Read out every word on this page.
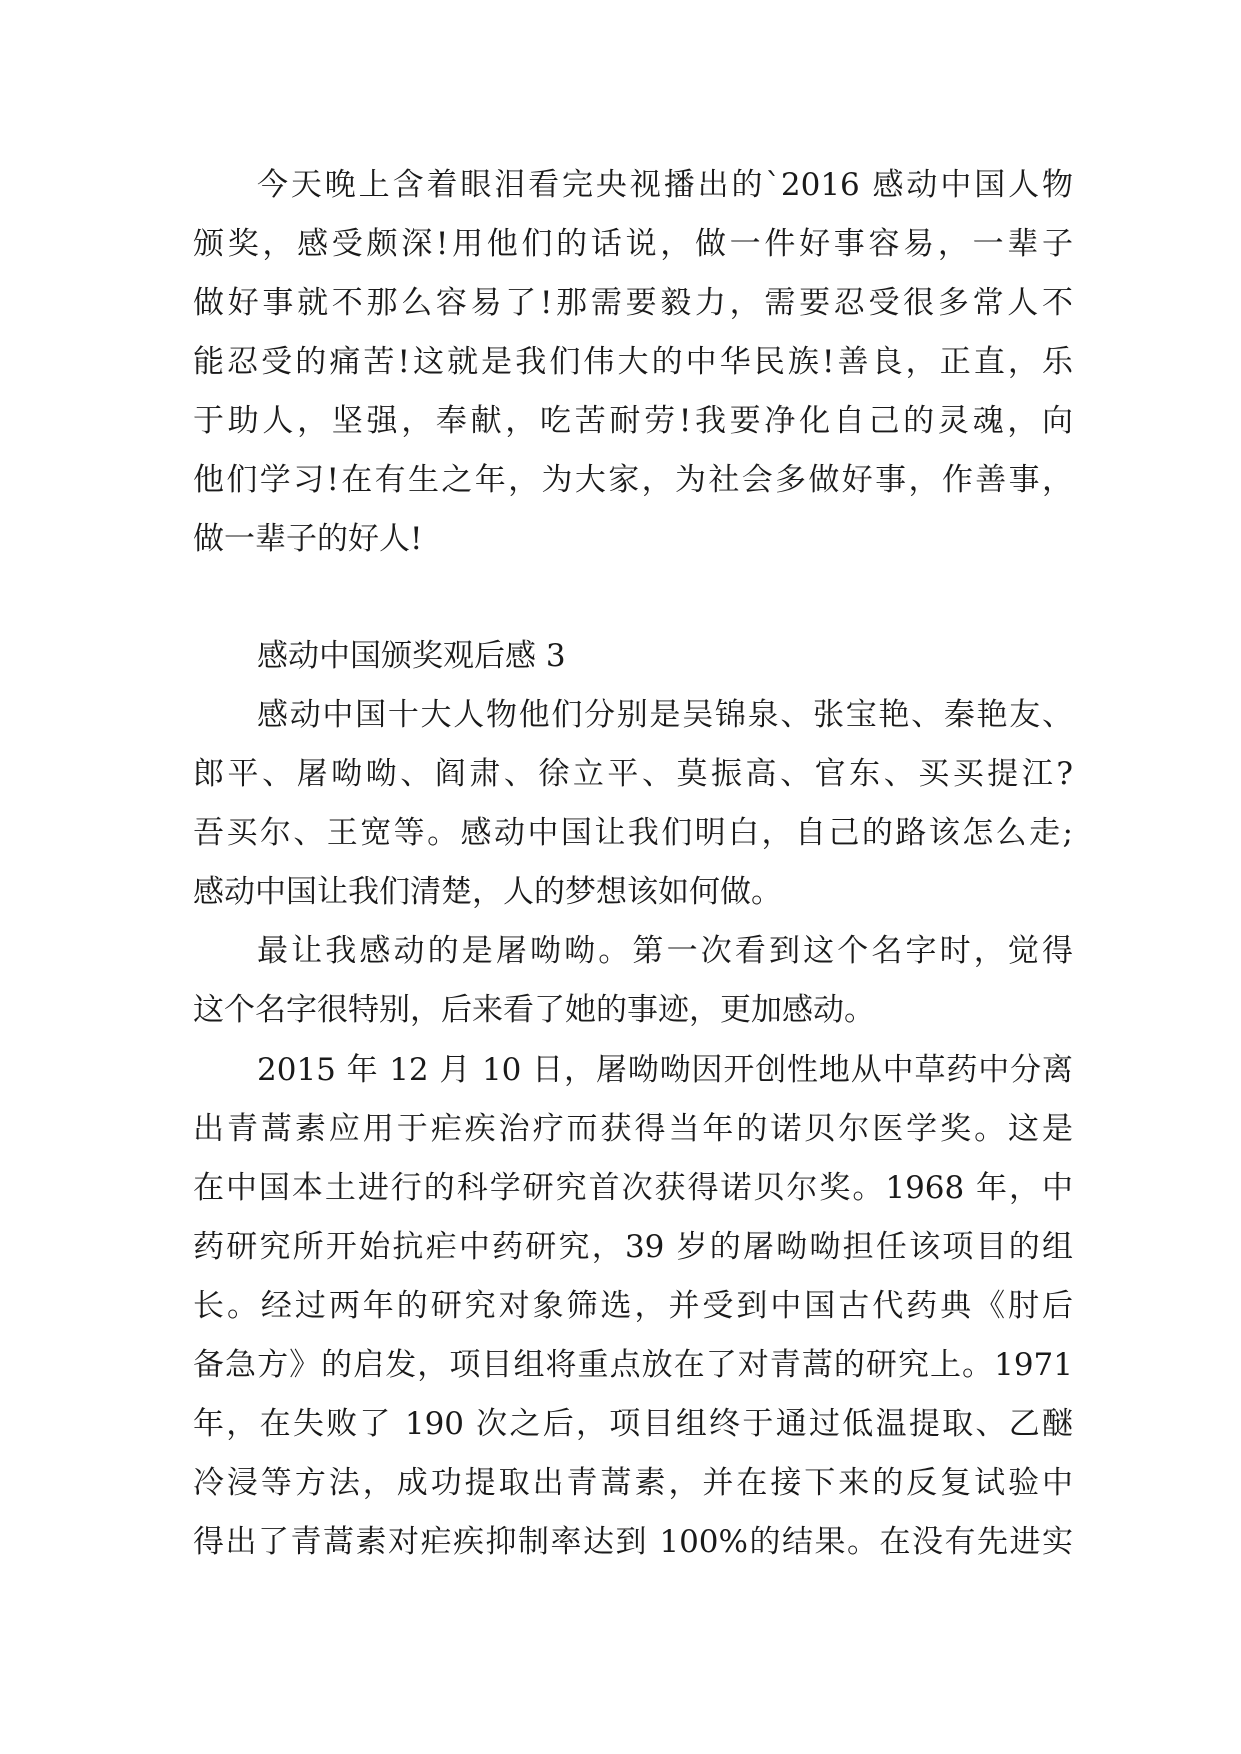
今天晚上含着眼泪看完央视播出的`2016 感动中国人物
颁奖，感受颇深!用他们的话说，做一件好事容易，一辈子
做好事就不那么容易了!那需要毅力，需要忍受很多常人不
能忍受的痛苦!这就是我们伟大的中华民族!善良，正直，乐
于助人，坚强，奉献，吃苦耐劳!我要净化自己的灵魂，向
他们学习!在有生之年，为大家，为社会多做好事，作善事，
做一辈子的好人!
感动中国颁奖观后感 3
感动中国十大人物他们分别是吴锦泉、张宝艳、秦艳友、
郎平、屠呦呦、阎肃、徐立平、莫振高、官东、买买提江?
吾买尔、王宽等。感动中国让我们明白，自己的路该怎么走;
感动中国让我们清楚，人的梦想该如何做。
最让我感动的是屠呦呦。第一次看到这个名字时，觉得
这个名字很特别，后来看了她的事迹，更加感动。
2015 年 12 月 10 日，屠呦呦因开创性地从中草药中分离
出青蒿素应用于疟疾治疗而获得当年的诺贝尔医学奖。这是
在中国本土进行的科学研究首次获得诺贝尔奖。1968 年，中
药研究所开始抗疟中药研究，39 岁的屠呦呦担任该项目的组
长。经过两年的研究对象筛选，并受到中国古代药典《肘后
备急方》的启发，项目组将重点放在了对青蒿的研究上。1971
年，在失败了 190 次之后，项目组终于通过低温提取、乙醚
冷浸等方法，成功提取出青蒿素，并在接下来的反复试验中
得出了青蒿素对疟疾抑制率达到 100%的结果。在没有先进实
